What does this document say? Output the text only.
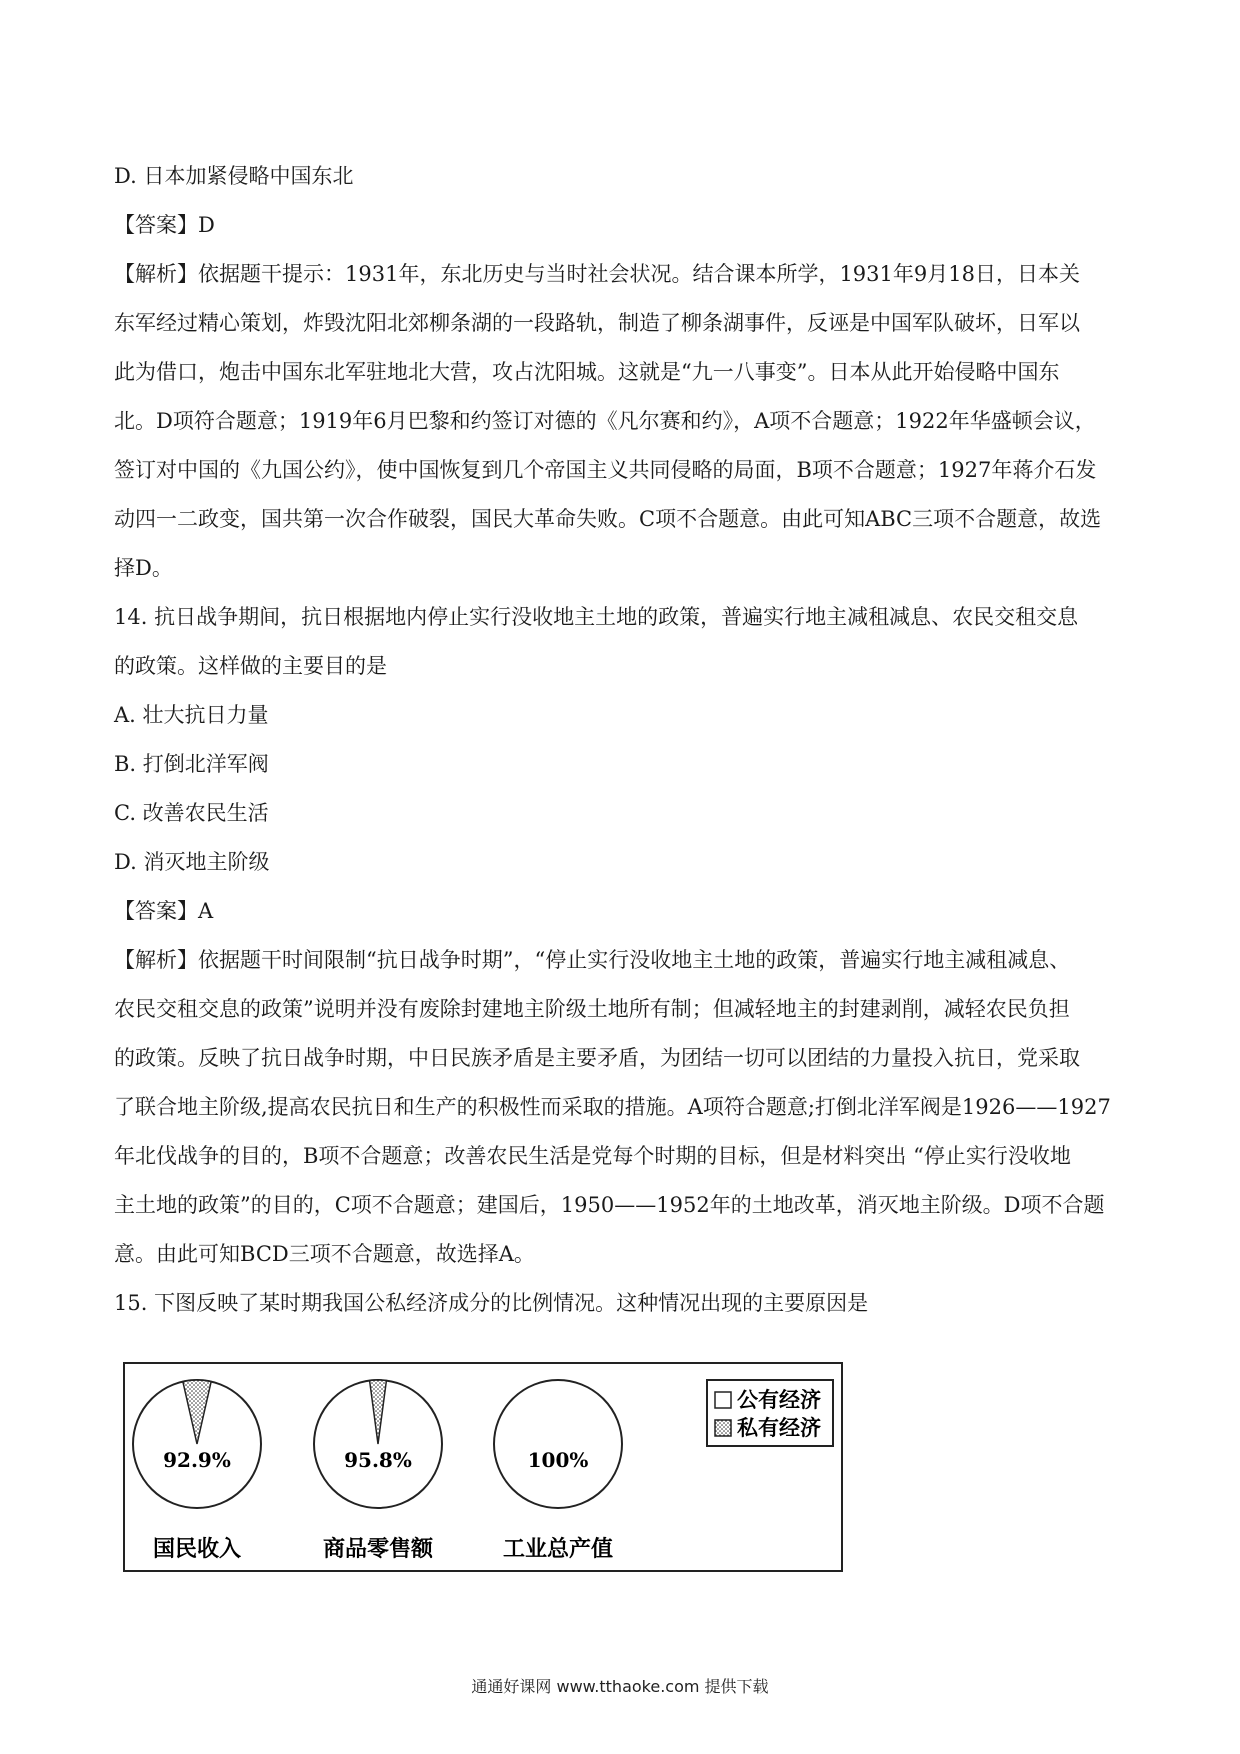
D. 日本加紧侵略中国东北

【答案】D

【解析】依据题干提示：1931年，东北历史与当时社会状况。结合课本所学，1931年9月18日，日本关

东军经过精心策划，炸毁沈阳北郊柳条湖的一段路轨，制造了柳条湖事件，反诬是中国军队破坏，日军以

此为借口，炮击中国东北军驻地北大营，攻占沈阳城。这就是“九一八事变”。日本从此开始侵略中国东

北。D项符合题意；1919年6月巴黎和约签订对德的《凡尔赛和约》，A项不合题意；1922年华盛顿会议，

签订对中国的《九国公约》，使中国恢复到几个帝国主义共同侵略的局面，B项不合题意；1927年蒋介石发

动四一二政变，国共第一次合作破裂，国民大革命失败。C项不合题意。由此可知ABC三项不合题意，故选

择D。

14. 抗日战争期间，抗日根据地内停止实行没收地主土地的政策，普遍实行地主减租减息、农民交租交息

的政策。这样做的主要目的是

A. 壮大抗日力量

B. 打倒北洋军阀

C. 改善农民生活

D. 消灭地主阶级

【答案】A

【解析】依据题干时间限制“抗日战争时期”，“停止实行没收地主土地的政策，普遍实行地主减租减息、

农民交租交息的政策”说明并没有废除封建地主阶级土地所有制；但减轻地主的封建剥削，减轻农民负担

的政策。反映了抗日战争时期，中日民族矛盾是主要矛盾，为团结一切可以团结的力量投入抗日，党采取

了联合地主阶级,提高农民抗日和生产的积极性而采取的措施。A项符合题意;打倒北洋军阀是1926——1927

年北伐战争的目的，B项不合题意；改善农民生活是党每个时期的目标，但是材料突出 “停止实行没收地

主土地的政策”的目的，C项不合题意；建国后，1950——1952年的土地改革，消灭地主阶级。D项不合题

意。由此可知BCD三项不合题意，故选择A。

15. 下图反映了某时期我国公私经济成分的比例情况。这种情况出现的主要原因是

92.9%
国民收入
95.8%
商品零售额
100%
工业总产值
公有经济
私有经济
通通好课网 www.tthaoke.com 提供下载
